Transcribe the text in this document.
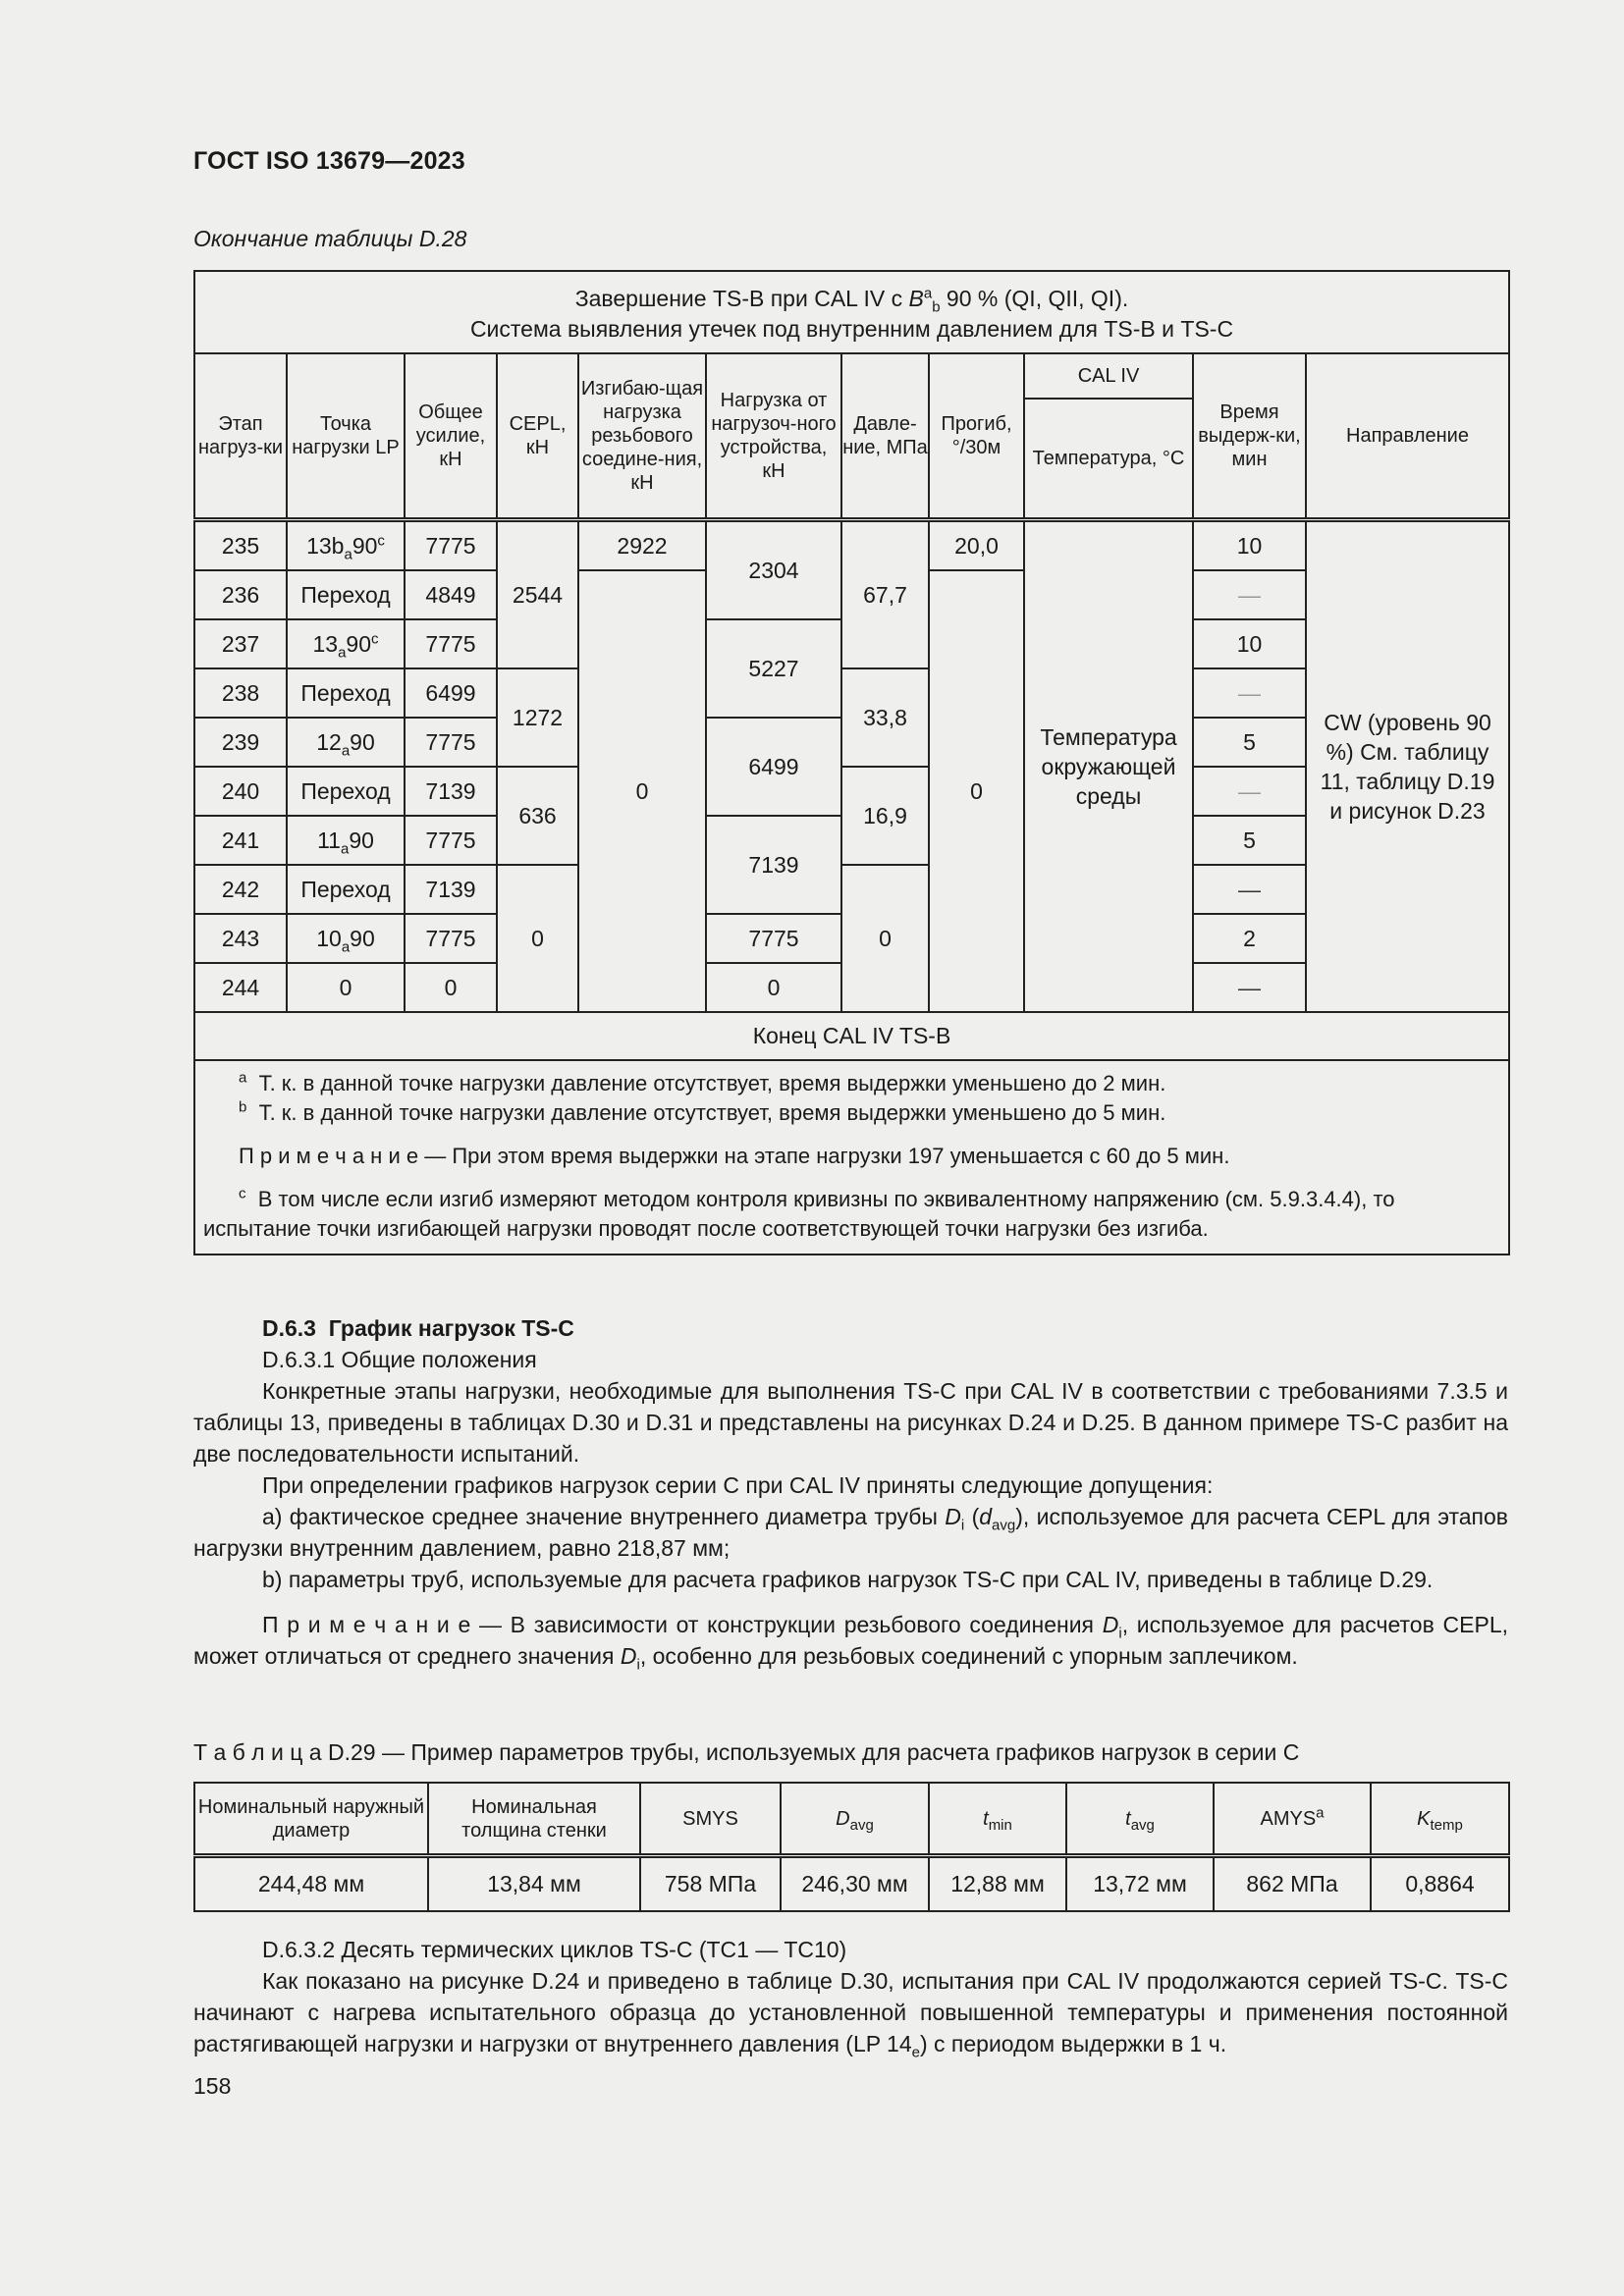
ГОСТ ISO 13679—2023
Окончание таблицы D.28
Завершение TS-B при CAL IV с $B^a_b$ 90 % (QI, QII, QI).
Система выявления утечек под внутренним давлением для TS-B и TS-C										

Этап нагруз-ки	Точка нагрузки LP	Общее усилие, кН	CEPL, кН	Изгибаю-щая нагрузка резьбового соедине-ния, кН	Нагрузка от нагрузоч-ного устройства, кН	Давле-ние, МПа	Прогиб, °/30м	CAL IV	Время выдерж-ки, мин	Направление
								Температура, °C		
235	$13b_a90^c$	7775	2544	2922	2304	67,7	20,0	Температура окружающей среды	10	CW (уровень 90 %) См. таблицу 11, таблицу D.19 и рисунок D.23
236	Переход	4849		0			0		—	
237	$13_a90^c$	7775			5227				10	
238	Переход	6499	1272			33,8			—	
239	$12_a90$	7775			6499				5	
240	Переход	7139	636			16,9			—	
241	$11_a90$	7775			7139				5	
242	Переход	7139	0			0			—	
243	$10_a90$	7775			7775				2	
244	0	0			0				—	
Конец CAL IV TS-B										

$^a$ Т. к. в данной точке нагрузки давление отсутствует, время выдержки уменьшено до 2 мин.
$^b$ Т. к. в данной точке нагрузки давление отсутствует, время выдержки уменьшено до 5 мин.
П р и м е ч а н и е — При этом время выдержки на этапе нагрузки 197 уменьшается с 60 до 5 мин.
$^c$ В том числе если изгиб измеряют методом контроля кривизны по эквивалентному напряжению (см. 5.9.3.4.4), то испытание точки изгибающей нагрузки проводят после соответствующей точки нагрузки без изгиба.										

D.6.3 График нагрузок TS-C

D.6.3.1 Общие положения

Конкретные этапы нагрузки, необходимые для выполнения TS-C при CAL IV в соответствии с требованиями 7.3.5 и таблицы 13, приведены в таблицах D.30 и D.31 и представлены на рисунках D.24 и D.25. В данном примере TS-C разбит на две последовательности испытаний.

При определении графиков нагрузок серии С при CAL IV приняты следующие допущения:

a) фактическое среднее значение внутреннего диаметра трубы $D_i$ $(d_{avg})$, используемое для расчета CEPL для этапов нагрузки внутренним давлением, равно 218,87 мм;

b) параметры труб, используемые для расчета графиков нагрузок TS-C при CAL IV, приведены в таблице D.29.

П р и м е ч а н и е — В зависимости от конструкции резьбового соединения $D_i$, используемое для расчетов CEPL, может отличаться от среднего значения $D_i$, особенно для резьбовых соединений с упорным заплечиком.

Т а б л и ц а D.29 — Пример параметров трубы, используемых для расчета графиков нагрузок в серии С
Номинальный наружный диаметр	Номинальная толщина стенки	SMYS	$D_{avg}$	$t_{min}$	$t_{avg}$	AMYS$^a$	$K_{temp}$
244,48 мм	13,84 мм	758 МПа	246,30 мм	12,88 мм	13,72 мм	862 МПа	0,8864

D.6.3.2 Десять термических циклов TS-C (TC1 — TC10)

Как показано на рисунке D.24 и приведено в таблице D.30, испытания при CAL IV продолжаются серией TS-C. TS-C начинают с нагрева испытательного образца до установленной повышенной температуры и применения постоянной растягивающей нагрузки и нагрузки от внутреннего давления (LP $14_e$) с периодом выдержки в 1 ч.

158
